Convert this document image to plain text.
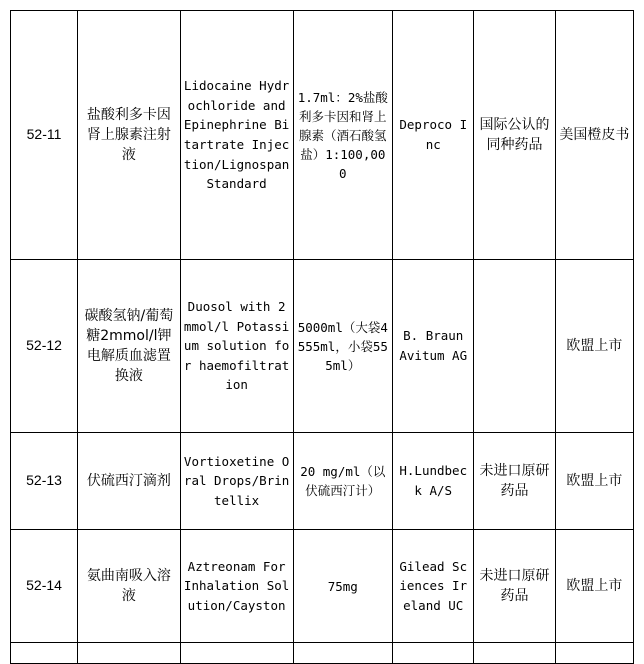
52-11	盐酸利多卡因肾上腺素注射液	Lidocaine Hydrochloride and Epinephrine Bitartrate Injection/Lignospan Standard	1.7ml：2%盐酸利多卡因和肾上腺素（酒石酸氢盐）1:100,000	Deproco Inc	国际公认的同种药品	美国橙皮书
52-12	碳酸氢钠/葡萄糖2mmol/l钾电解质血滤置换液	Duosol with 2 mmol/l Potassium solution for haemofiltration	5000ml（大袋4555ml，小袋555ml）	B. Braun Avitum AG		欧盟上市
52-13	伏硫西汀滴剂	Vortioxetine Oral Drops/Brintellix	20 mg/ml（以伏硫西汀计）	H.Lundbeck A/S	未进口原研药品	欧盟上市
52-14	氨曲南吸入溶液	Aztreonam For Inhalation Solution/Cayston	75mg	Gilead Sciences Ireland UC	未进口原研药品	欧盟上市
